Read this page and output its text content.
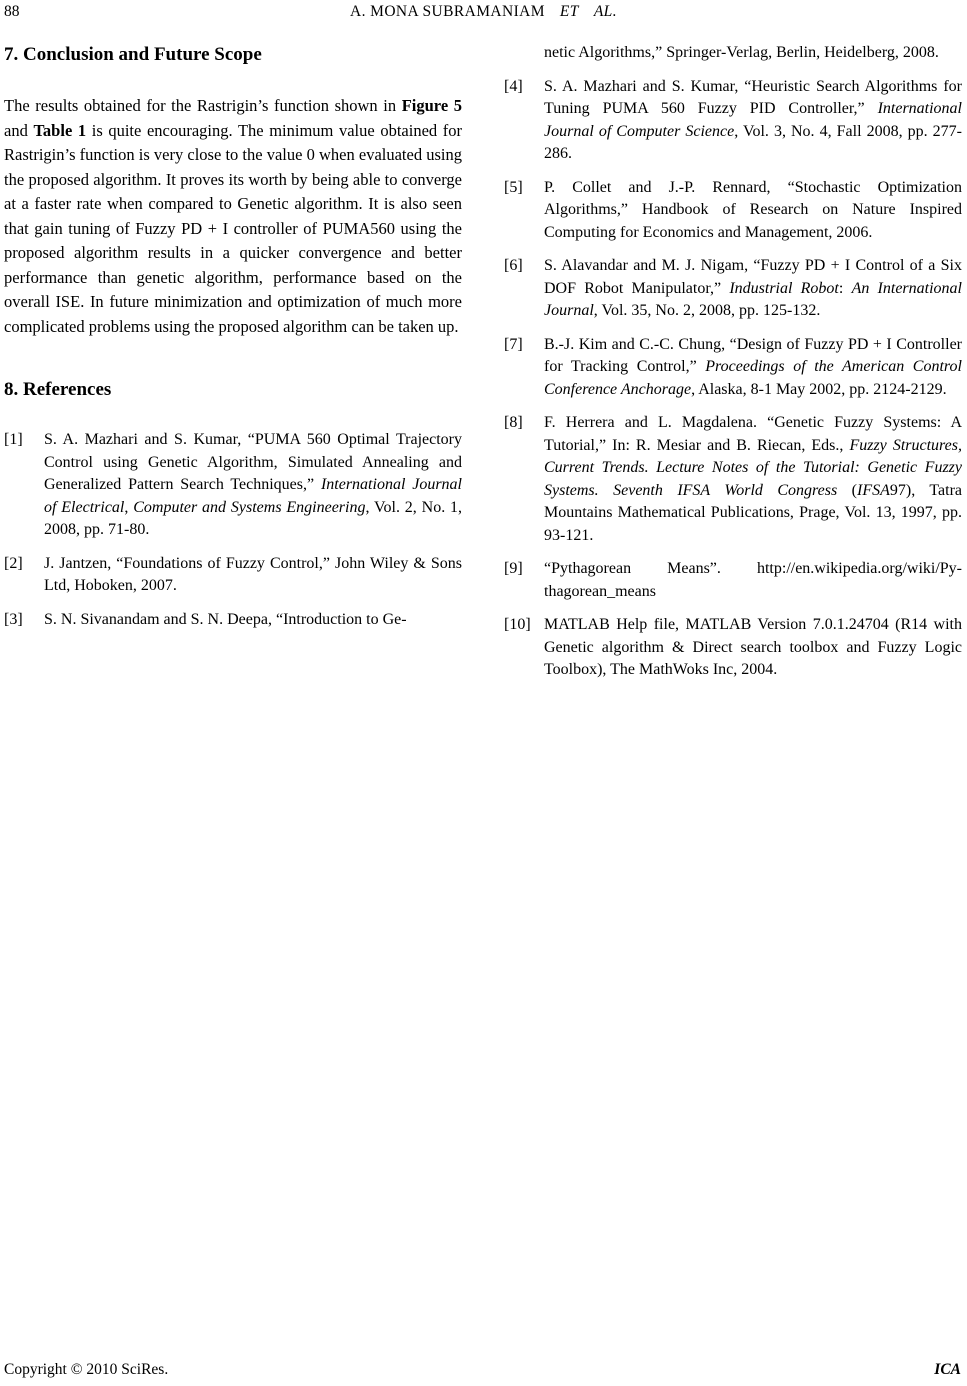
88	A. MONA SUBRAMANIAM ET AL.
7. Conclusion and Future Scope

The results obtained for the Rastrigin’s function shown in Figure 5 and Table 1 is quite encouraging. The minimum value obtained for Rastrigin’s function is very close to the value 0 when evaluated using the proposed algorithm. It proves its worth by being able to converge at a faster rate when compared to Genetic algorithm. It is also seen that gain tuning of Fuzzy PD + I controller of PUMA560 using the proposed algorithm results in a quicker convergence and better performance than genetic algorithm, performance based on the overall ISE. In future minimization and optimization of much more complicated problems using the proposed algorithm can be taken up.

8. References
[1] S. A. Mazhari and S. Kumar, “PUMA 560 Optimal Trajectory Control using Genetic Algorithm, Simulated Annealing and Generalized Pattern Search Techniques,” International Journal of Electrical, Computer and Systems Engineering, Vol. 2, No. 1, 2008, pp. 71-80.
[2] J. Jantzen, “Foundations of Fuzzy Control,” John Wiley & Sons Ltd, Hoboken, 2007.
[3] S. N. Sivanandam and S. N. Deepa, “Introduction to Ge-
netic Algorithms,” Springer-Verlag, Berlin, Heidelberg, 2008.
[4] S. A. Mazhari and S. Kumar, “Heuristic Search Algorithms for Tuning PUMA 560 Fuzzy PID Controller,” International Journal of Computer Science, Vol. 3, No. 4, Fall 2008, pp. 277-286.
[5] P. Collet and J.-P. Rennard, “Stochastic Optimization Algorithms,” Handbook of Research on Nature Inspired Computing for Economics and Management, 2006.
[6] S. Alavandar and M. J. Nigam, “Fuzzy PD + I Control of a Six DOF Robot Manipulator,” Industrial Robot: An International Journal, Vol. 35, No. 2, 2008, pp. 125-132.
[7] B.-J. Kim and C.-C. Chung, “Design of Fuzzy PD + I Controller for Tracking Control,” Proceedings of the American Control Conference Anchorage, Alaska, 8-1 May 2002, pp. 2124-2129.
[8] F. Herrera and L. Magdalena. “Genetic Fuzzy Systems: A Tutorial,” In: R. Mesiar and B. Riecan, Eds., Fuzzy Structures, Current Trends. Lecture Notes of the Tutorial: Genetic Fuzzy Systems. Seventh IFSA World Congress (IFSA97), Tatra Mountains Mathematical Publications, Prage, Vol. 13, 1997, pp. 93-121.
[9] “Pythagorean Means”. http://en.wikipedia.org/wiki/Py-thagorean_means
[10] MATLAB Help file, MATLAB Version 7.0.1.24704 (R14 with Genetic algorithm & Direct search toolbox and Fuzzy Logic Toolbox), The MathWoks Inc, 2004.
Copyright © 2010 SciRes.	ICA
